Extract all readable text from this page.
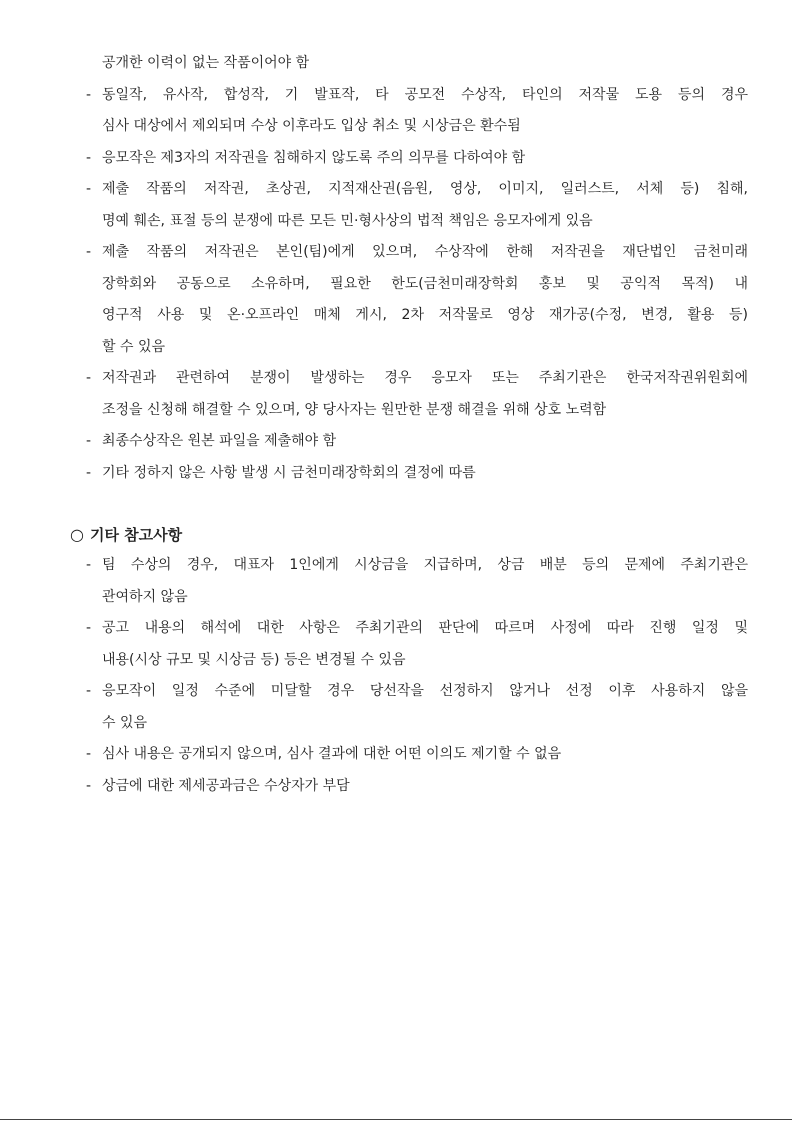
공개한 이력이 없는 작품이어야 함
- 동일작, 유사작, 합성작, 기 발표작, 타 공모전 수상작, 타인의 저작물 도용 등의 경우
심사 대상에서 제외되며 수상 이후라도 입상 취소 및 시상금은 환수됨
- 응모작은 제3자의 저작권을 침해하지 않도록 주의 의무를 다하여야 함
- 제출 작품의 저작권, 초상권, 지적재산권(음원, 영상, 이미지, 일러스트, 서체 등) 침해,
명예 훼손, 표절 등의 분쟁에 따른 모든 민·형사상의 법적 책임은 응모자에게 있음
- 제출 작품의 저작권은 본인(팀)에게 있으며, 수상작에 한해 저작권을 재단법인 금천미래
장학회와 공동으로 소유하며, 필요한 한도(금천미래장학회 홍보 및 공익적 목적) 내
영구적 사용 및 온·오프라인 매체 게시, 2차 저작물로 영상 재가공(수정, 변경, 활용 등)
할 수 있음
- 저작권과 관련하여 분쟁이 발생하는 경우 응모자 또는 주최기관은 한국저작권위원회에
조정을 신청해 해결할 수 있으며, 양 당사자는 원만한 분쟁 해결을 위해 상호 노력함
- 최종수상작은 원본 파일을 제출해야 함
- 기타 정하지 않은 사항 발생 시 금천미래장학회의 결정에 따름
○ 기타 참고사항
- 팀 수상의 경우, 대표자 1인에게 시상금을 지급하며, 상금 배분 등의 문제에 주최기관은
관여하지 않음
- 공고 내용의 해석에 대한 사항은 주최기관의 판단에 따르며 사정에 따라 진행 일정 및
내용(시상 규모 및 시상금 등) 등은 변경될 수 있음
- 응모작이 일정 수준에 미달할 경우 당선작을 선정하지 않거나 선정 이후 사용하지 않을
수 있음
- 심사 내용은 공개되지 않으며, 심사 결과에 대한 어떤 이의도 제기할 수 없음
- 상금에 대한 제세공과금은 수상자가 부담
